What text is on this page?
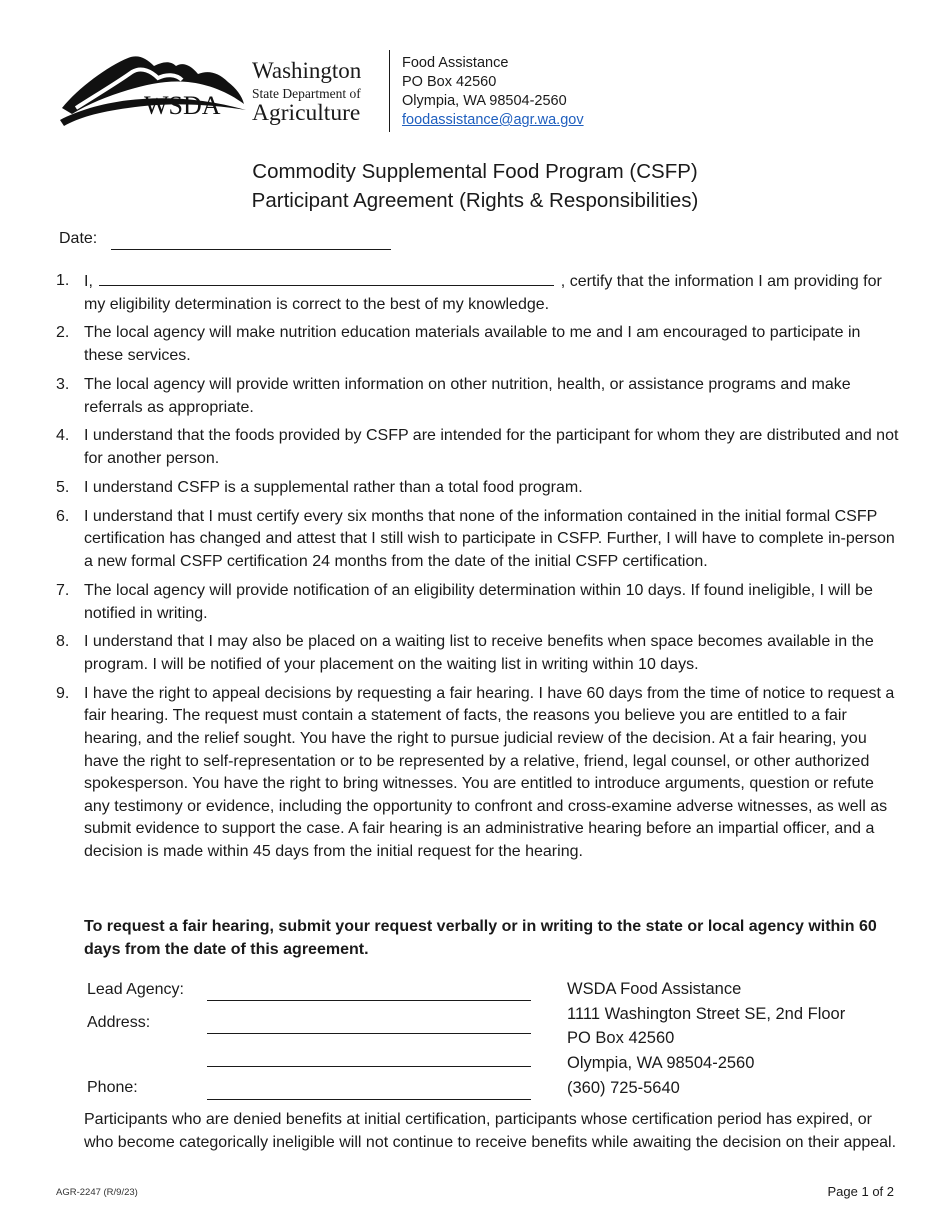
WSDA
Washington
State Department of
Agriculture
Food Assistance
PO Box 42560
Olympia, WA 98504-2560
foodassistance@agr.wa.gov
Commodity Supplemental Food Program (CSFP)
Participant Agreement (Rights & Responsibilities)
Date:
1. I,	, certify that the information I am providing for my eligibility determination is correct to the best of my knowledge.
2. The local agency will make nutrition education materials available to me and I am encouraged to participate in these services.
3. The local agency will provide written information on other nutrition, health, or assistance programs and make referrals as appropriate.
4. I understand that the foods provided by CSFP are intended for the participant for whom they are distributed and not for another person.
5. I understand CSFP is a supplemental rather than a total food program.
6. I understand that I must certify every six months that none of the information contained in the initial formal CSFP certification has changed and attest that I still wish to participate in CSFP. Further, I will have to complete in-person a new formal CSFP certification 24 months from the date of the initial CSFP certification.
7. The local agency will provide notification of an eligibility determination within 10 days. If found ineligible, I will be notified in writing.
8. I understand that I may also be placed on a waiting list to receive benefits when space becomes available in the program. I will be notified of your placement on the waiting list in writing within 10 days.
9. I have the right to appeal decisions by requesting a fair hearing. I have 60 days from the time of notice to request a fair hearing. The request must contain a statement of facts, the reasons you believe you are entitled to a fair hearing, and the relief sought. You have the right to pursue judicial review of the decision. At a fair hearing, you have the right to self-representation or to be represented by a relative, friend, legal counsel, or other authorized spokesperson. You have the right to bring witnesses. You are entitled to introduce arguments, question or refute any testimony or evidence, including the opportunity to confront and cross-examine adverse witnesses, as well as submit evidence to support the case. A fair hearing is an administrative hearing before an impartial officer, and a decision is made within 45 days from the initial request for the hearing.
To request a fair hearing, submit your request verbally or in writing to the state or local agency within 60 days from the date of this agreement.
Lead Agency:
Address:
Phone:
WSDA Food Assistance
1111 Washington Street SE, 2nd Floor
PO Box 42560
Olympia, WA 98504-2560
(360) 725-5640
Participants who are denied benefits at initial certification, participants whose certification period has expired, or who become categorically ineligible will not continue to receive benefits while awaiting the decision on their appeal.
AGR-2247 (R/9/23)	Page 1 of 2
